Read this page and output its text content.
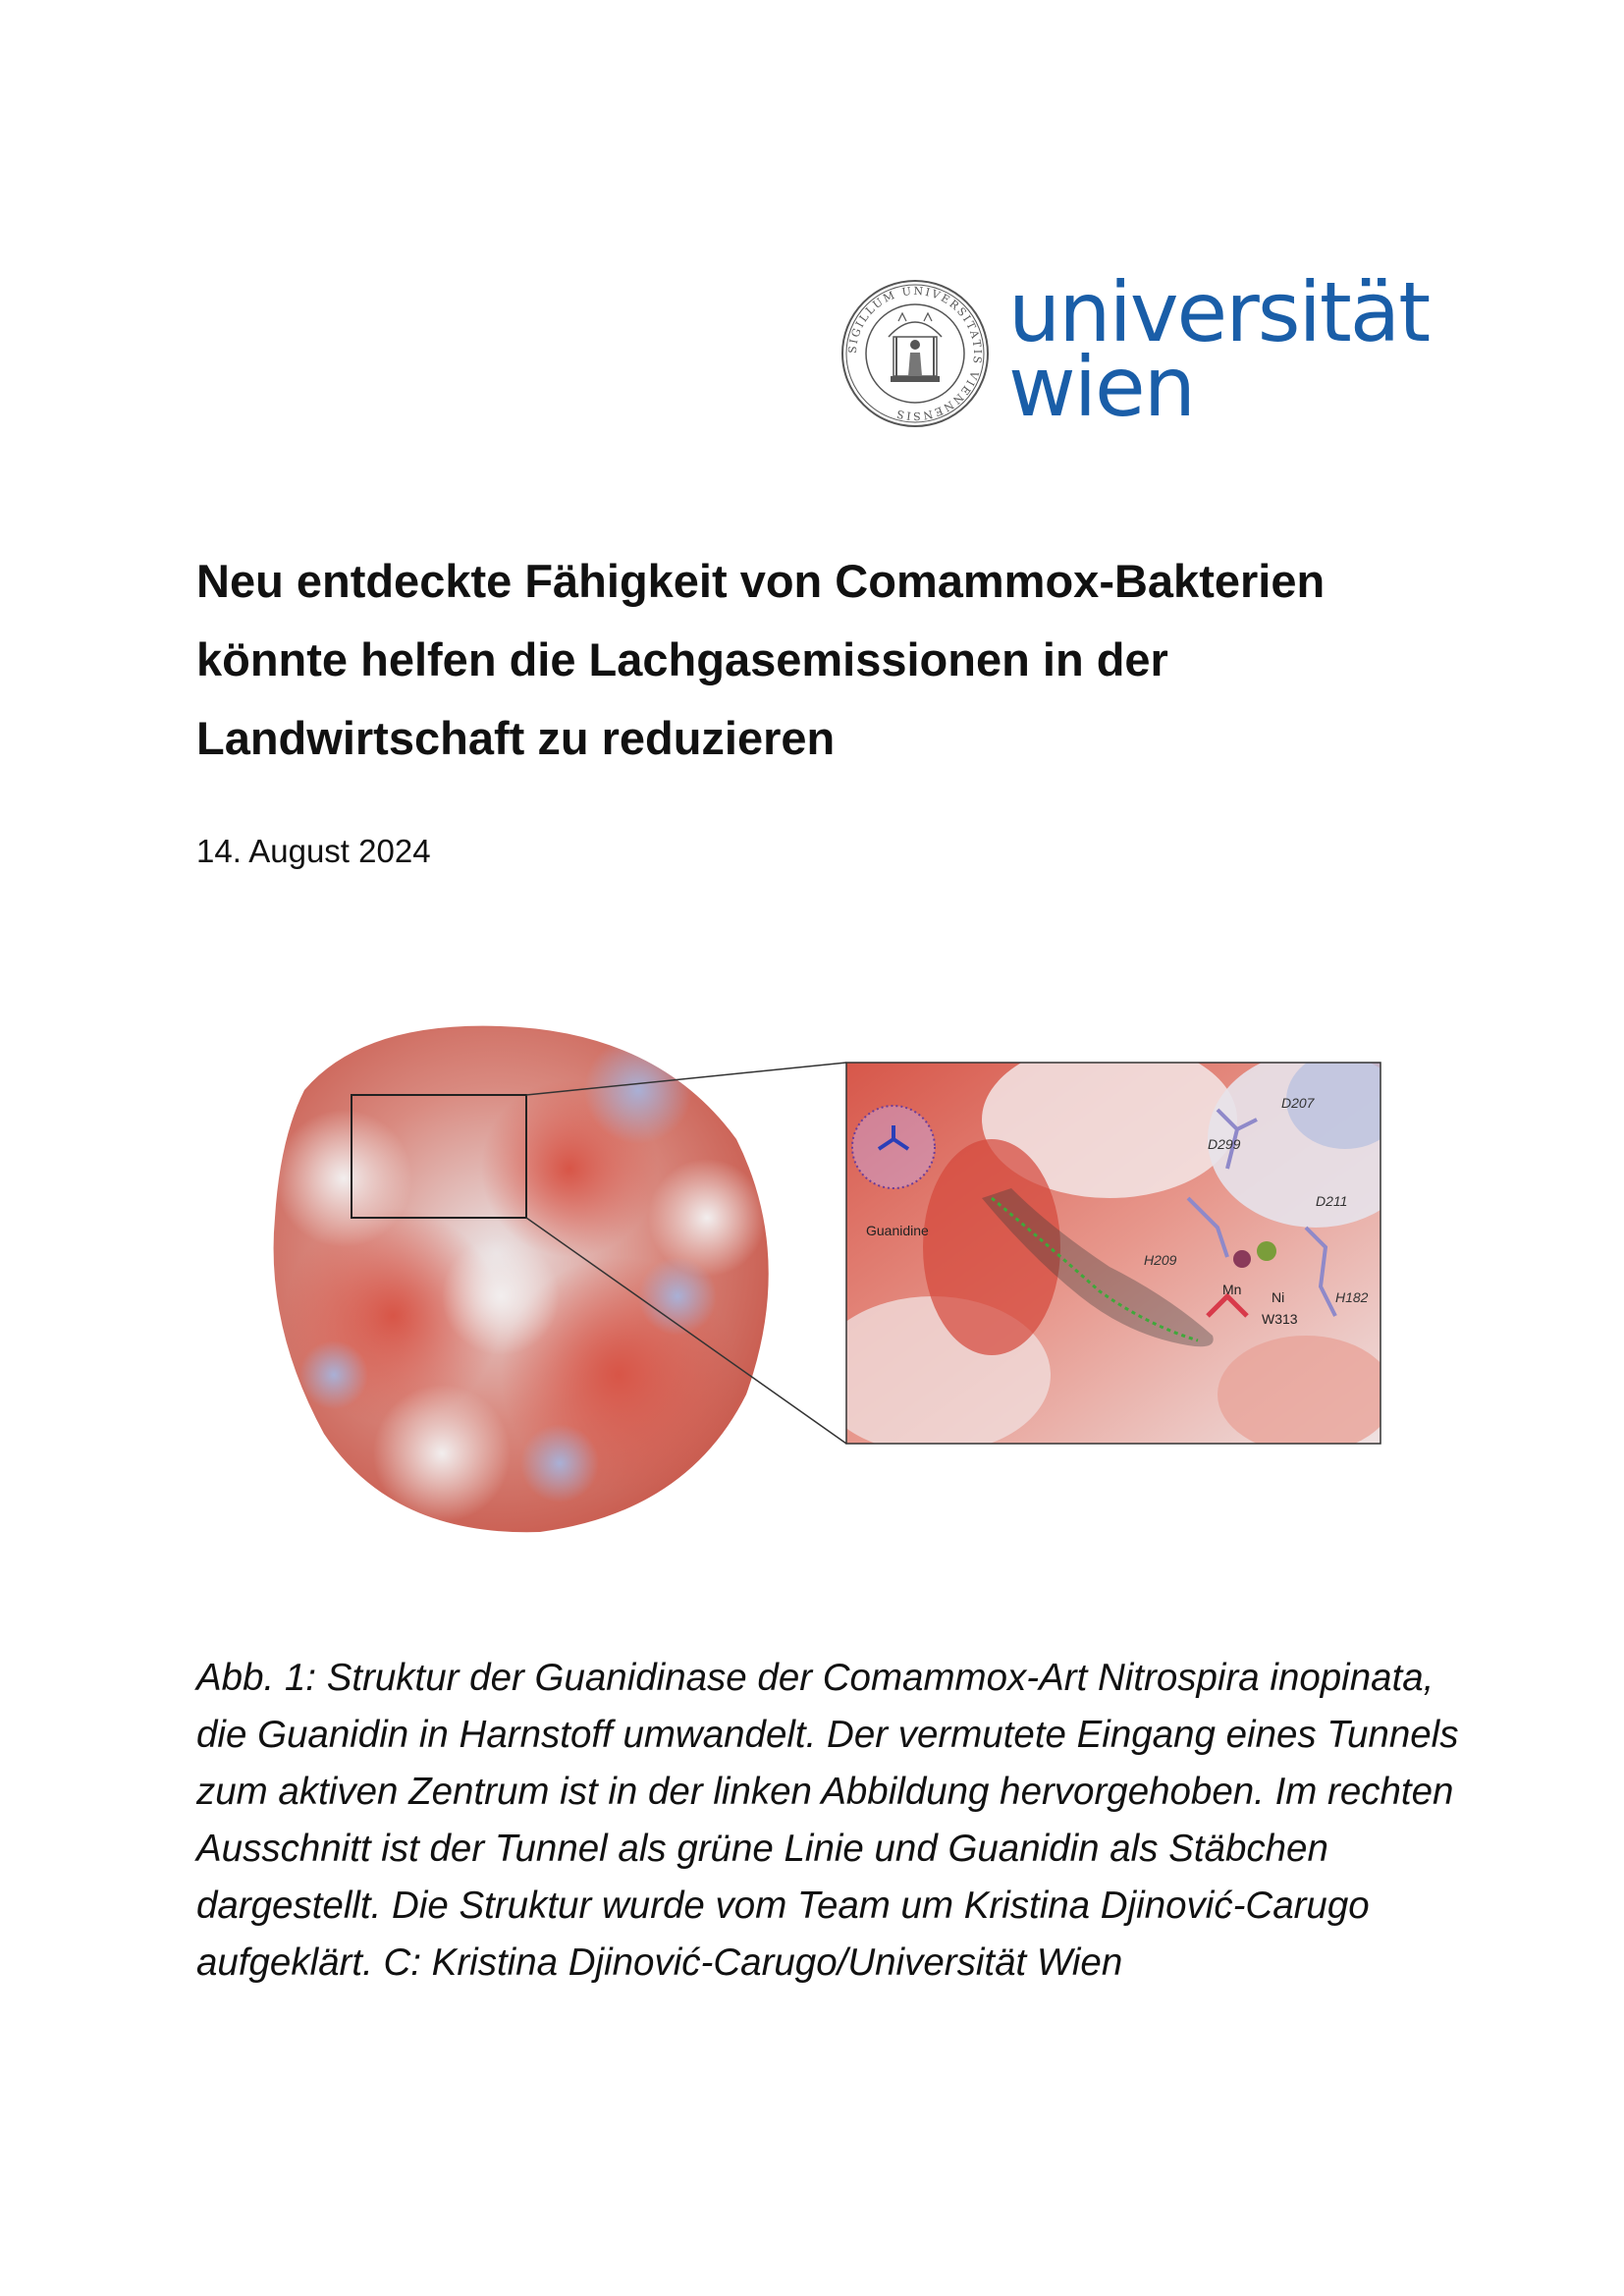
SIGILLUM UNIVERSITATIS VIENNENSIS
universität
wien
Neu entdeckte Fähigkeit von Comammox-Bakterien könnte helfen die Lachgasemissionen in der Landwirtschaft zu reduzieren
14. August 2024
Guanidine
D207
D299
D211
H209
Mn Ni	H182
W313

Abb. 1: Struktur der Guanidinase der Comammox-Art Nitrospira inopinata, die Guanidin in Harnstoff umwandelt. Der vermutete Eingang eines Tunnels zum aktiven Zentrum ist in der linken Abbildung hervorgehoben. Im rechten Ausschnitt ist der Tunnel als grüne Linie und Guanidin als Stäbchen dargestellt. Die Struktur wurde vom Team um Kristina Djinović-Carugo aufgeklärt. C: Kristina Djinović-Carugo/Universität Wien
